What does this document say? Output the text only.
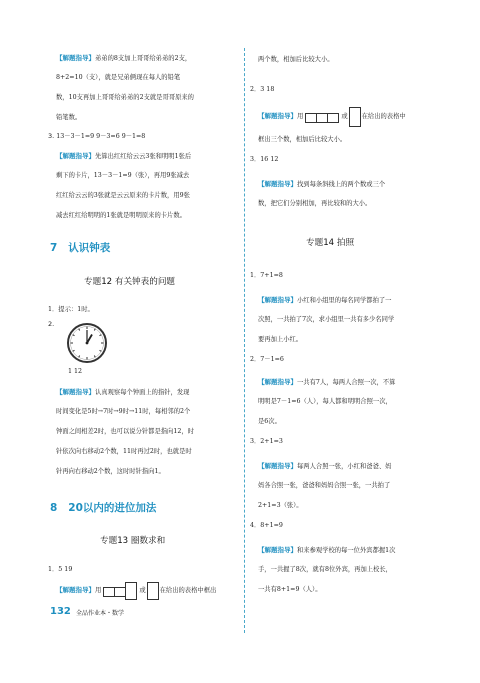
【解题指导】弟弟的8支加上哥哥给弟弟的2支，
8+2=10（支），就是兄弟俩现在每人的铅笔
数，10支再加上哥哥给弟弟的2支就是哥哥原来的
铅笔数。
3. 13－3－1=9 9－3=6 9－1=8
【解题指导】先算出红红给云云3张和明明1张后
剩下的卡片，13－3－1=9（张），再用9张减去
红红给云云的3张就是云云原来的卡片数，用9张
减去红红给明明的1张就是明明原来的卡片数。
7 认识钟表
专题12 有关钟表的问题
1．提示：1时。
2.
1 12
【解题指导】认真观察每个钟面上的指针，发现
时间变化是5时→7时→9时→11时，每相邻的2个
钟面之间相差2时，也可以说分针都是指向12，时
针依次向右移动2个数，11时再过2时，也就是时
针再向右移动2个数，这时时针指向1。
8 20以内的进位加法
专题13 圈数求和
1．5 19
【解题指导】用	或 在给出的表格中框出
两个数，相加后比较大小。
2．3 18
【解题指导】用	或 在给出的表格中
框出三个数，相加后比较大小。
3．16 12
【解题指导】找到每条斜线上的两个数或三个
数，把它们分别相加，再比较和的大小。
专题14 拍照
1．7+1=8
【解题指导】小红和小组里的每名同学都拍了一
次照，一共拍了7次，求小组里一共有多少名同学
要再加上小红。
2．7－1=6
【解题指导】一共有7人，每两人合照一次，不算
明明是7－1=6（人），每人都和明明合照一次，
是6次。
3．2+1=3
【解题指导】每两人合照一张，小红和爸爸、妈
妈各合照一张，爸爸和妈妈合照一张，一共拍了
2+1=3（张）。
4．8+1=9
【解题指导】和来参观学校的每一位外宾都握1次
手，一共握了8次，就有8位外宾，再加上校长，
一共有8+1=9（人）。
132 全品作业本・数学
